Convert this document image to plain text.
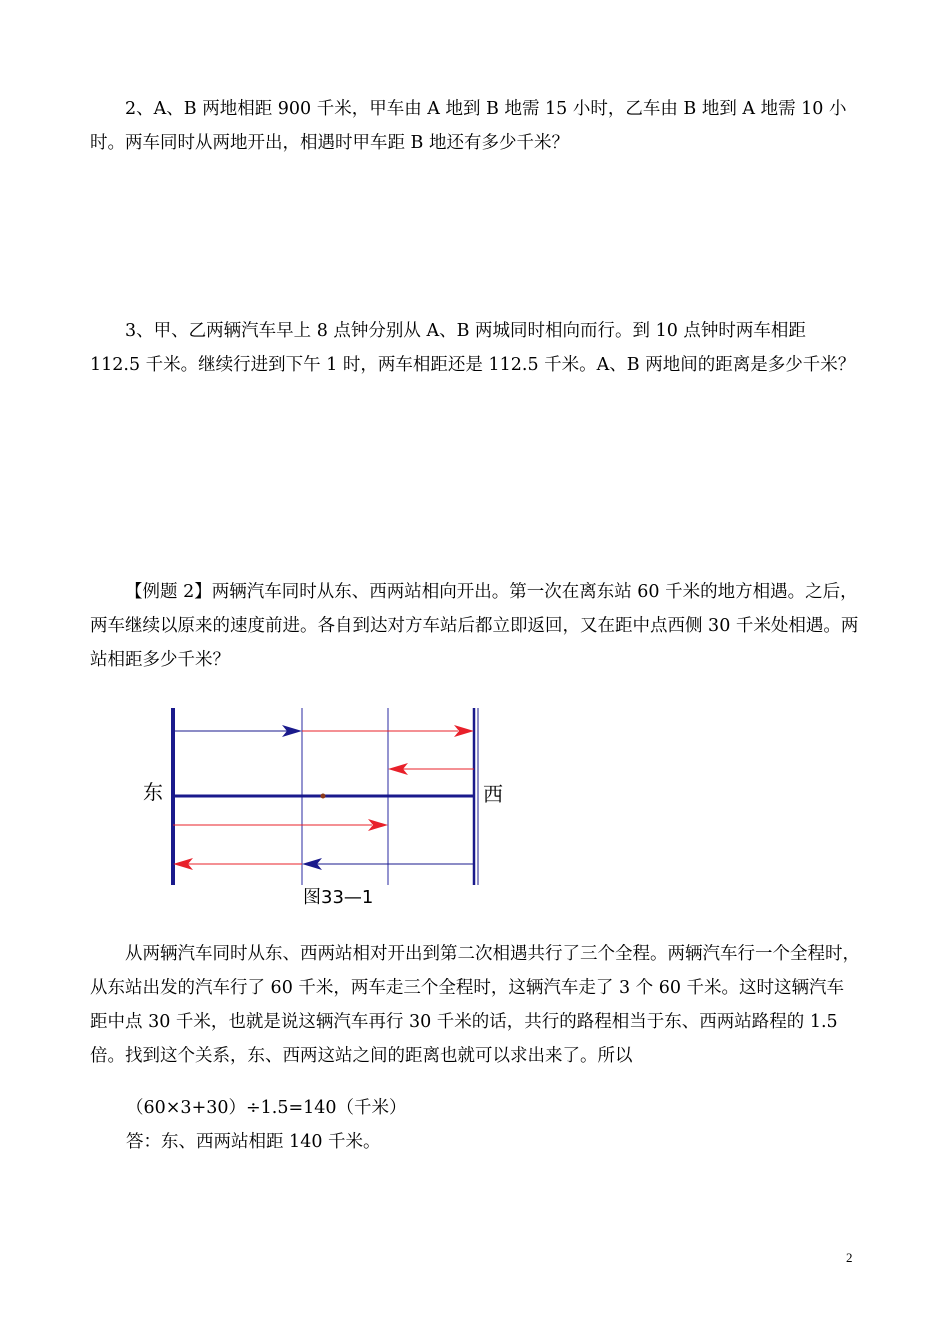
2、A、B 两地相距 900 千米，甲车由 A 地到 B 地需 15 小时，乙车由 B 地到 A 地需 10 小时。两车同时从两地开出，相遇时甲车距 B 地还有多少千米？

3、甲、乙两辆汽车早上 8 点钟分别从 A、B 两城同时相向而行。到 10 点钟时两车相距 112.5 千米。继续行进到下午 1 时，两车相距还是 112.5 千米。A、B 两地间的距离是多少千米？

【例题 2】两辆汽车同时从东、西两站相向开出。第一次在离东站 60 千米的地方相遇。之后，两车继续以原来的速度前进。各自到达对方车站后都立即返回，又在距中点西侧 30 千米处相遇。两站相距多少千米？

东	西
图33—1

从两辆汽车同时从东、西两站相对开出到第二次相遇共行了三个全程。两辆汽车行一个全程时，从东站出发的汽车行了 60 千米，两车走三个全程时，这辆汽车走了 3 个 60 千米。这时这辆汽车距中点 30 千米，也就是说这辆汽车再行 30 千米的话，共行的路程相当于东、西两站路程的 1.5 倍。找到这个关系，东、西两这站之间的距离也就可以求出来了。所以

（60×3+30）÷1.5=140（千米）

答：东、西两站相距 140 千米。

2
